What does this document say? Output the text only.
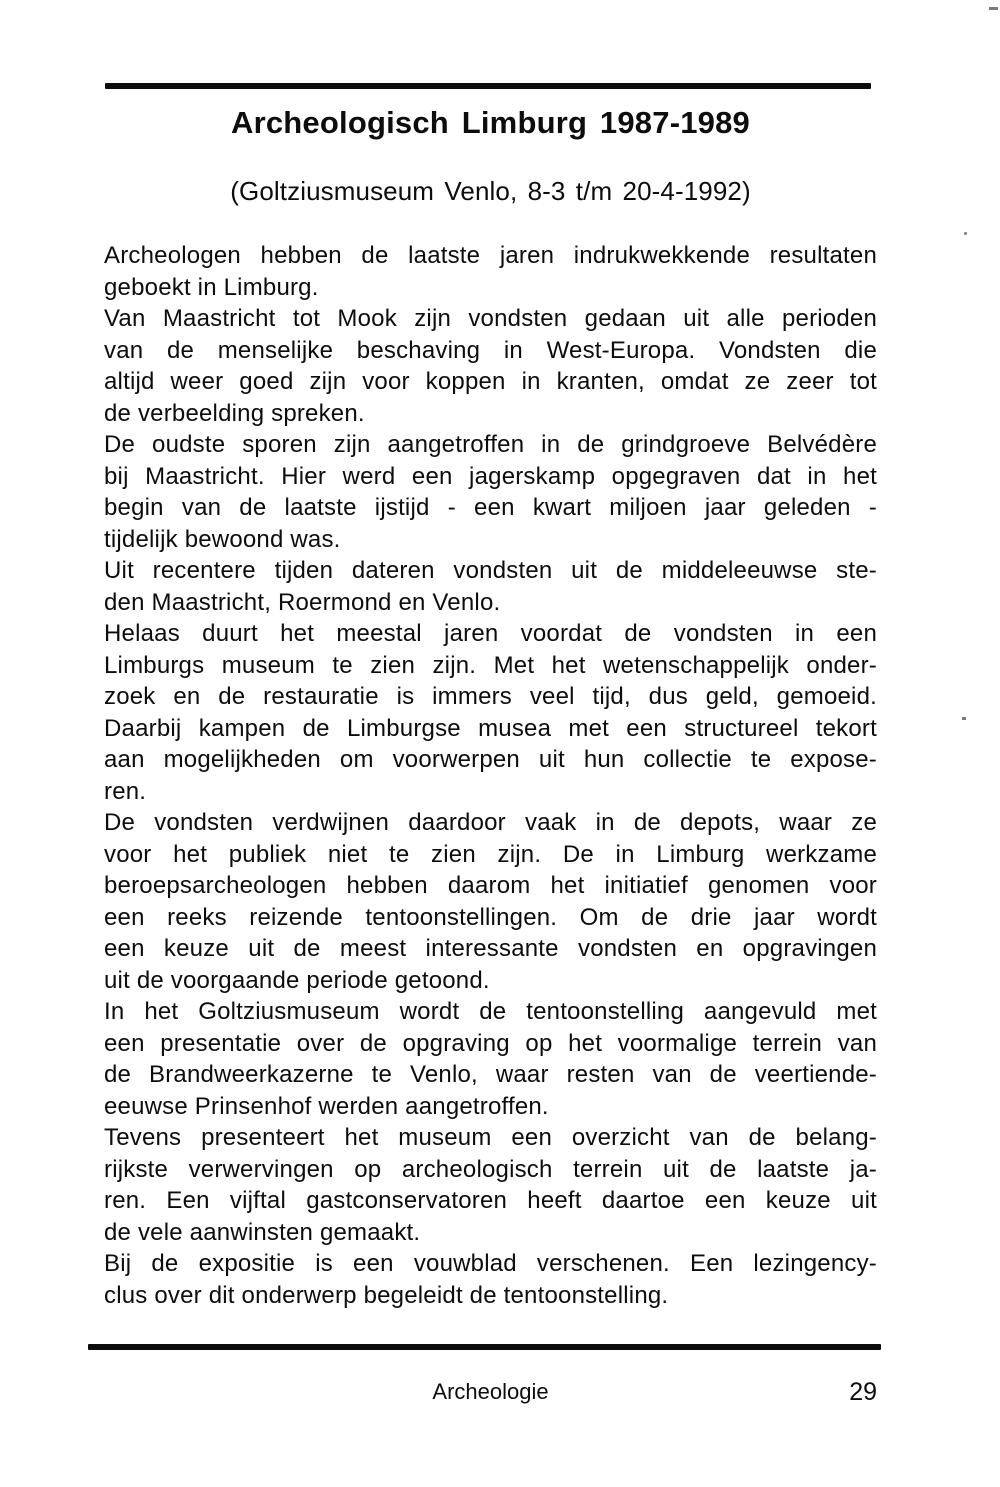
Archeologisch Limburg 1987-1989
(Goltziusmuseum Venlo, 8-3 t/m 20-4-1992)
Archeologen hebben de laatste jaren indrukwekkende resultaten
geboekt in Limburg.
Van Maastricht tot Mook zijn vondsten gedaan uit alle perioden
van de menselijke beschaving in West-Europa. Vondsten die
altijd weer goed zijn voor koppen in kranten, omdat ze zeer tot
de verbeelding spreken.
De oudste sporen zijn aangetroffen in de grindgroeve Belvédère
bij Maastricht. Hier werd een jagerskamp opgegraven dat in het
begin van de laatste ijstijd - een kwart miljoen jaar geleden -
tijdelijk bewoond was.
Uit recentere tijden dateren vondsten uit de middeleeuwse ste-
den Maastricht, Roermond en Venlo.
Helaas duurt het meestal jaren voordat de vondsten in een
Limburgs museum te zien zijn. Met het wetenschappelijk onder-
zoek en de restauratie is immers veel tijd, dus geld, gemoeid.
Daarbij kampen de Limburgse musea met een structureel tekort
aan mogelijkheden om voorwerpen uit hun collectie te expose-
ren.
De vondsten verdwijnen daardoor vaak in de depots, waar ze
voor het publiek niet te zien zijn. De in Limburg werkzame
beroepsarcheologen hebben daarom het initiatief genomen voor
een reeks reizende tentoonstellingen. Om de drie jaar wordt
een keuze uit de meest interessante vondsten en opgravingen
uit de voorgaande periode getoond.
In het Goltziusmuseum wordt de tentoonstelling aangevuld met
een presentatie over de opgraving op het voormalige terrein van
de Brandweerkazerne te Venlo, waar resten van de veertiende-
eeuwse Prinsenhof werden aangetroffen.
Tevens presenteert het museum een overzicht van de belang-
rijkste verwervingen op archeologisch terrein uit de laatste ja-
ren. Een vijftal gastconservatoren heeft daartoe een keuze uit
de vele aanwinsten gemaakt.
Bij de expositie is een vouwblad verschenen. Een lezingency-
clus over dit onderwerp begeleidt de tentoonstelling.
Archeologie	29
